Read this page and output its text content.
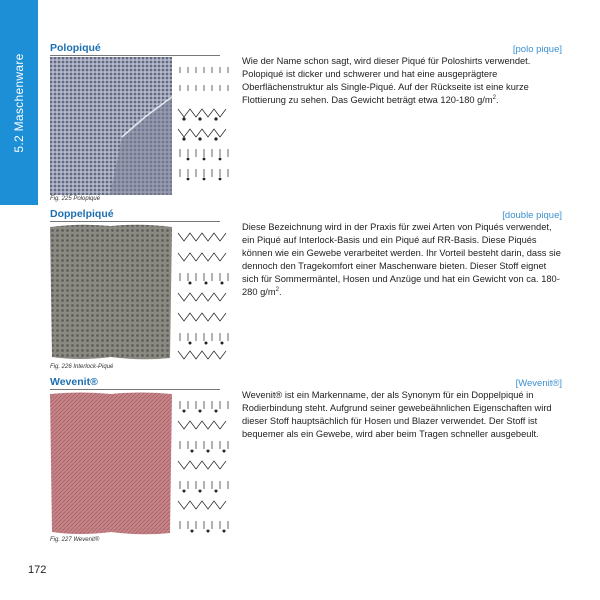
5.2 Maschenware
Polopiqué	[polo pique]
Fig. 225 Polopiqué
Wie der Name schon sagt, wird dieser Piqué für Poloshirts verwendet. Polopiqué ist dicker und schwerer und hat eine ausgeprägtere Oberflächenstruktur als Single-Piqué. Auf der Rückseite ist eine kurze Flottierung zu sehen. Das Gewicht beträgt etwa 120-180 $g/m^2$.
Doppelpiqué	[double pique]
Fig. 226 Interlock-Piqué
Diese Bezeichnung wird in der Praxis für zwei Arten von Piqués verwendet, ein Piqué auf Interlock-Basis und ein Piqué auf RR-Basis. Diese Piqués können wie ein Gewebe verarbeitet werden. Ihr Vorteil besteht darin, dass sie dennoch den Tragekomfort einer Maschenware bieten. Dieser Stoff eignet sich für Sommermäntel, Hosen und Anzüge und hat ein Gewicht von ca. 180-280 $g/m^2$.
Wevenit®	[Wevenit®]
Fig. 227 Wevenit®
Wevenit® ist ein Markenname, der als Synonym für ein Doppelpiqué in Rodierbindung steht. Aufgrund seiner gewebeähnlichen Eigenschaften wird dieser Stoff hauptsächlich für Hosen und Blazer verwendet. Der Stoff ist bequemer als ein Gewebe, wird aber beim Tragen schneller ausgebeult.
172
